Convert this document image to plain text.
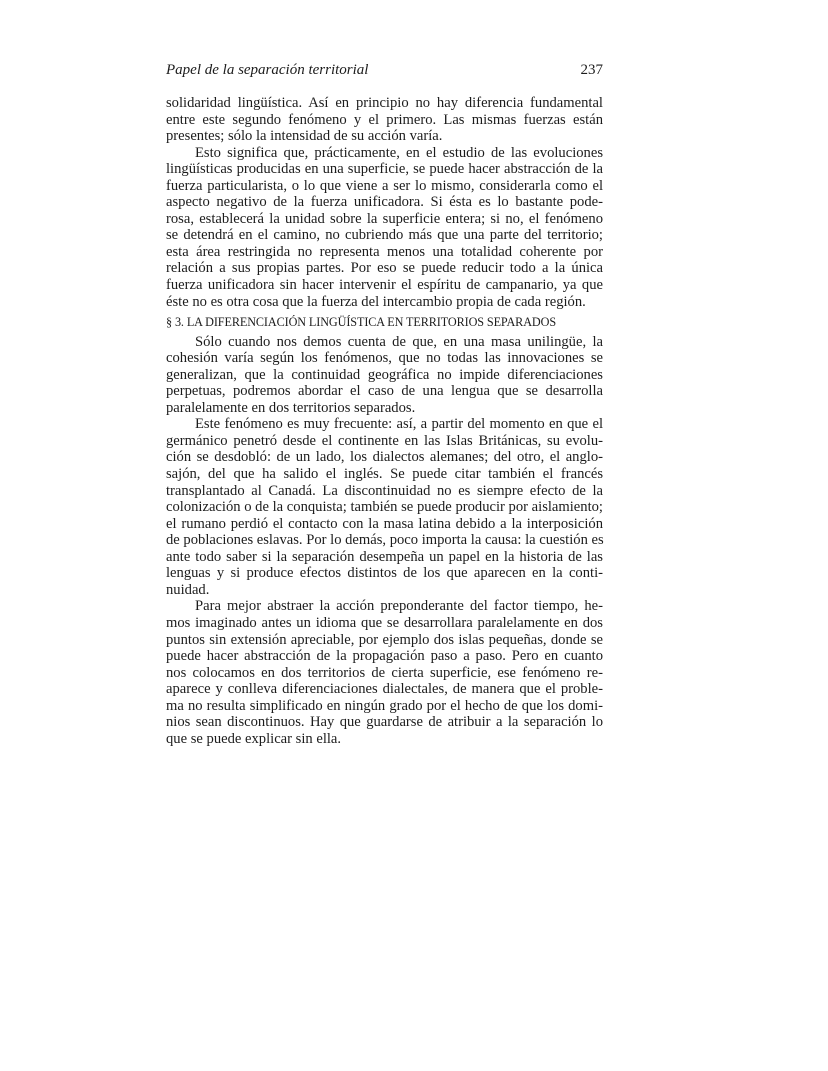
Papel de la separación territorial	237
solidaridad lingüística. Así en principio no hay diferencia fundamental
entre este segundo fenómeno y el primero. Las mismas fuerzas están
presentes; sólo la intensidad de su acción varía.
Esto significa que, prácticamente, en el estudio de las evoluciones
lingüísticas producidas en una superficie, se puede hacer abstracción de la
fuerza particularista, o lo que viene a ser lo mismo, considerarla como el
aspecto negativo de la fuerza unificadora. Si ésta es lo bastante pode-
rosa, establecerá la unidad sobre la superficie entera; si no, el fenómeno
se detendrá en el camino, no cubriendo más que una parte del territorio;
esta área restringida no representa menos una totalidad coherente por
relación a sus propias partes. Por eso se puede reducir todo a la única
fuerza unificadora sin hacer intervenir el espíritu de campanario, ya que
éste no es otra cosa que la fuerza del intercambio propia de cada región.
§ 3. LA DIFERENCIACIÓN LINGÜÍSTICA EN TERRITORIOS SEPARADOS
Sólo cuando nos demos cuenta de que, en una masa unilingüe, la
cohesión varía según los fenómenos, que no todas las innovaciones se
generalizan, que la continuidad geográfica no impide diferenciaciones
perpetuas, podremos abordar el caso de una lengua que se desarrolla
paralelamente en dos territorios separados.
Este fenómeno es muy frecuente: así, a partir del momento en que el
germánico penetró desde el continente en las Islas Británicas, su evolu-
ción se desdobló: de un lado, los dialectos alemanes; del otro, el anglo-
sajón, del que ha salido el inglés. Se puede citar también el francés
transplantado al Canadá. La discontinuidad no es siempre efecto de la
colonización o de la conquista; también se puede producir por aislamiento;
el rumano perdió el contacto con la masa latina debido a la interposición
de poblaciones eslavas. Por lo demás, poco importa la causa: la cuestión es
ante todo saber si la separación desempeña un papel en la historia de las
lenguas y si produce efectos distintos de los que aparecen en la conti-
nuidad.
Para mejor abstraer la acción preponderante del factor tiempo, he-
mos imaginado antes un idioma que se desarrollara paralelamente en dos
puntos sin extensión apreciable, por ejemplo dos islas pequeñas, donde se
puede hacer abstracción de la propagación paso a paso. Pero en cuanto
nos colocamos en dos territorios de cierta superficie, ese fenómeno re-
aparece y conlleva diferenciaciones dialectales, de manera que el proble-
ma no resulta simplificado en ningún grado por el hecho de que los domi-
nios sean discontinuos. Hay que guardarse de atribuir a la separación lo
que se puede explicar sin ella.
